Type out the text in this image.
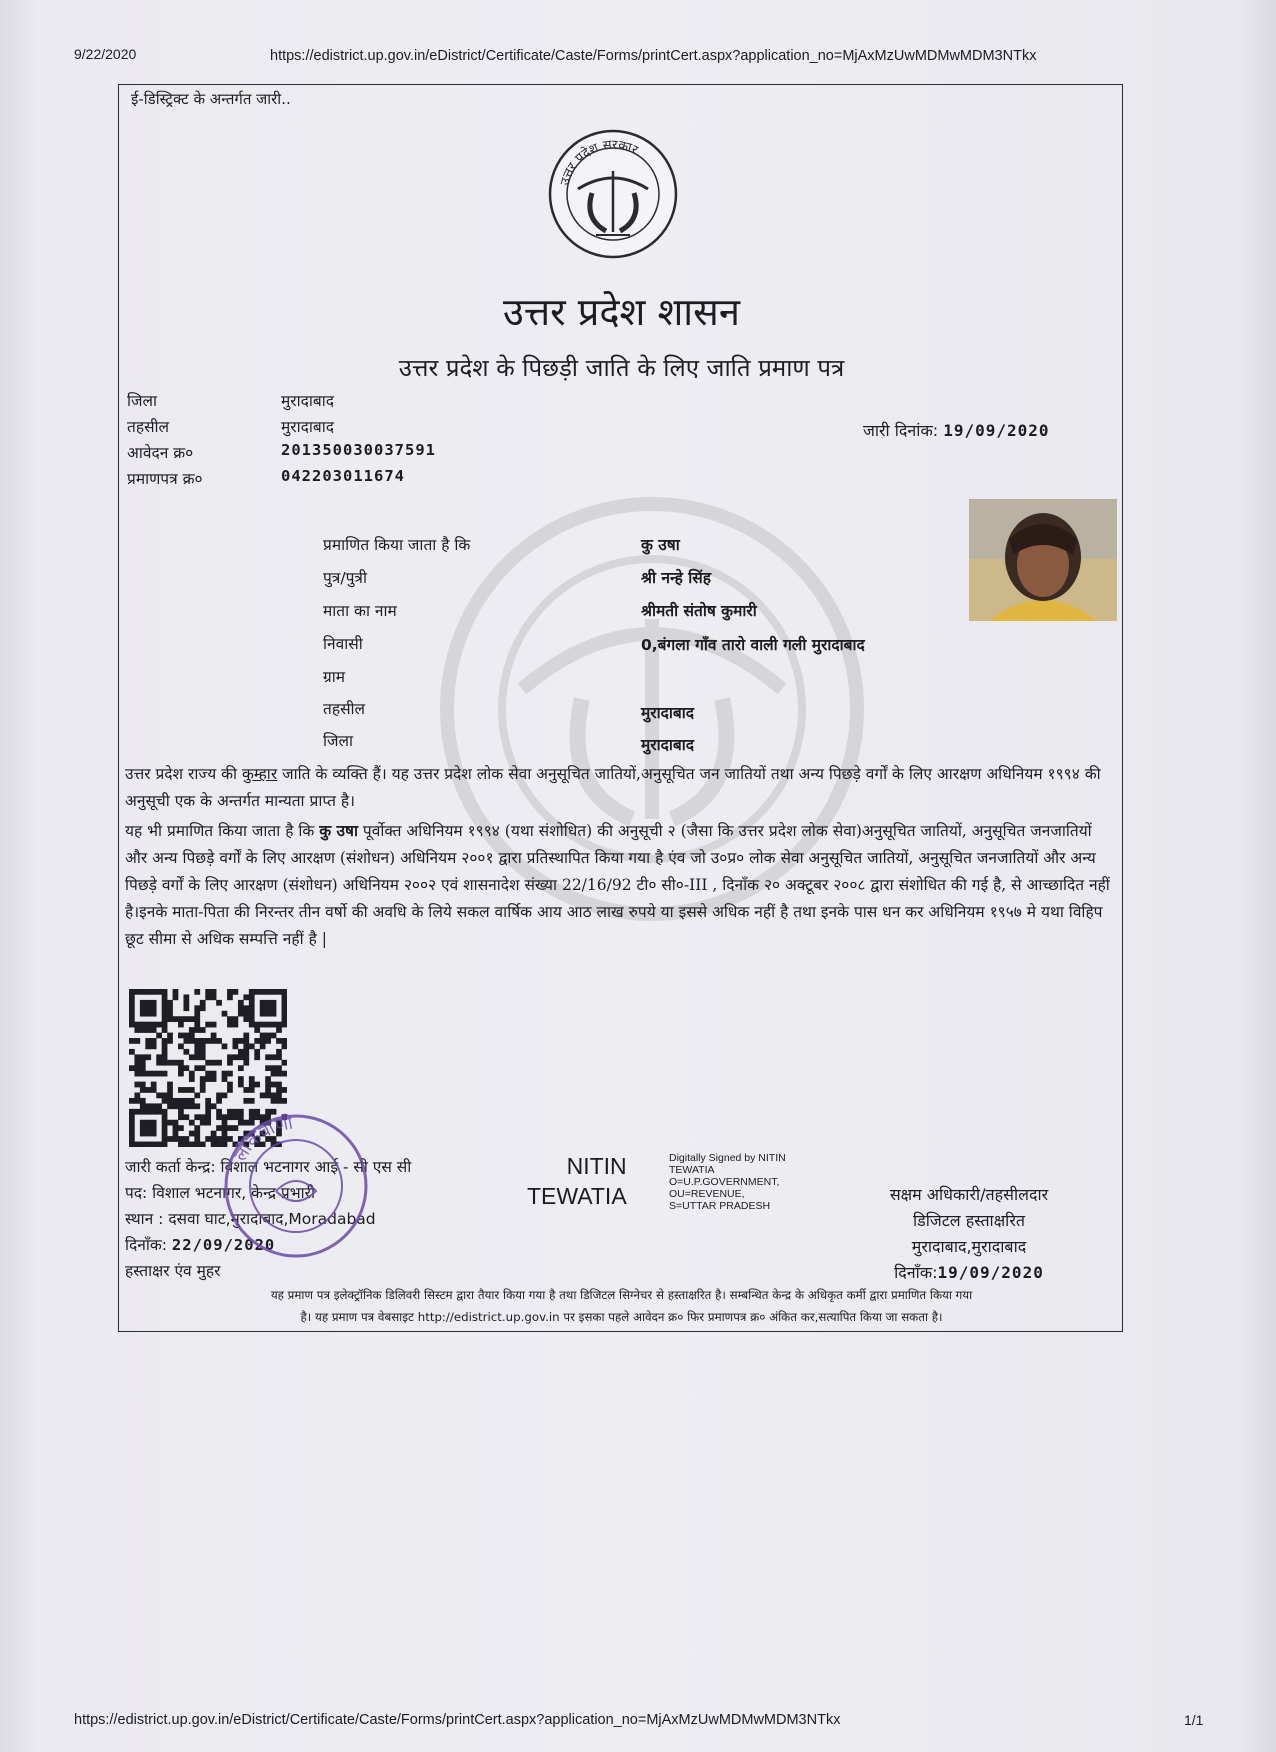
9/22/2020	https://edistrict.up.gov.in/eDistrict/Certificate/Caste/Forms/printCert.aspx?application_no=MjAxMzUwMDMwMDM3NTkx
ई-डिस्ट्रिक्ट के अन्तर्गत जारी..
उत्तर प्रदेश सरकार
उत्तर प्रदेश शासन
उत्तर प्रदेश के पिछड़ी जाति के लिए जाति प्रमाण पत्र
जिला	मुरादाबाद
तहसील	मुरादाबाद
आवेदन क्र०	201350030037591
प्रमाणपत्र क्र०	042203011674
जारी दिनांक: 19/09/2020
प्रमाणित किया जाता है कि	कु उषा
पुत्र/पुत्री	श्री नन्हे सिंह
माता का नाम	श्रीमती संतोष कुमारी
निवासी	0,बंगला गाँव तारो वाली गली मुरादाबाद
ग्राम
तहसील	मुरादाबाद
जिला	मुरादाबाद
उत्तर प्रदेश राज्य की कुम्हार जाति के व्यक्ति हैं। यह उत्तर प्रदेश लोक सेवा अनुसूचित जातियों,अनुसूचित जन जातियों तथा अन्य पिछड़े वर्गों के लिए आरक्षण अधिनियम १९९४ की अनुसूची एक के अन्तर्गत मान्यता प्राप्त है।
यह भी प्रमाणित किया जाता है कि कु उषा पूर्वोक्त अधिनियम १९९४ (यथा संशोधित) की अनुसूची २ (जैसा कि उत्तर प्रदेश लोक सेवा)अनुसूचित जातियों, अनुसूचित जनजातियों और अन्य पिछड़े वर्गों के लिए आरक्षण (संशोधन) अधिनियम २००१ द्वारा प्रतिस्थापित किया गया है एंव जो उ०प्र० लोक सेवा अनुसूचित जातियों, अनुसूचित जनजातियों और अन्य पिछड़े वर्गों के लिए आरक्षण (संशोधन) अधिनियम २००२ एवं शासनादेश संख्या 22/16/92 टी० सी०-III , दिनाँक २० अक्टूबर २००८ द्वारा संशोधित की गई है, से आच्छादित नहीं है।इनके माता-पिता की निरन्तर तीन वर्षो की अवधि के लिये सकल वार्षिक आय आठ लाख रुपये या इससे अधिक नहीं है तथा इनके पास धन कर अधिनियम १९५७ मे यथा विहिप छूट सीमा से अधिक सम्पत्ति नहीं है |
जारी कर्ता केन्द्र: विशाल भटनागर आई - सी एस सी
पद: विशाल भटनागर, केन्द्र प्रभारी
स्थान : दसवा घाट,मुरादाबाद,Moradabad
दिनाँक: 22/09/2020
हस्ताक्षर एंव मुहर
लोकवाणी
NITIN
TEWATIA
Digitally Signed by NITIN
TEWATIA
O=U.P.GOVERNMENT,
OU=REVENUE,
S=UTTAR PRADESH
सक्षम अधिकारी/तहसीलदार
डिजिटल हस्ताक्षरित
मुरादाबाद,मुरादाबाद
दिनाँक:19/09/2020
यह प्रमाण पत्र इलेक्ट्रॉनिक डिलिवरी सिस्टम द्वारा तैयार किया गया है तथा डिजिटल सिग्नेचर से हस्ताक्षरित है। सम्बन्धित केन्द्र के अधिकृत कर्मी द्वारा प्रमाणित किया गया
है। यह प्रमाण पत्र वेबसाइट http://edistrict.up.gov.in पर इसका पहले आवेदन क्र० फिर प्रमाणपत्र क्र० अंकित कर,सत्यापित किया जा सकता है।
https://edistrict.up.gov.in/eDistrict/Certificate/Caste/Forms/printCert.aspx?application_no=MjAxMzUwMDMwMDM3NTkx	1/1
